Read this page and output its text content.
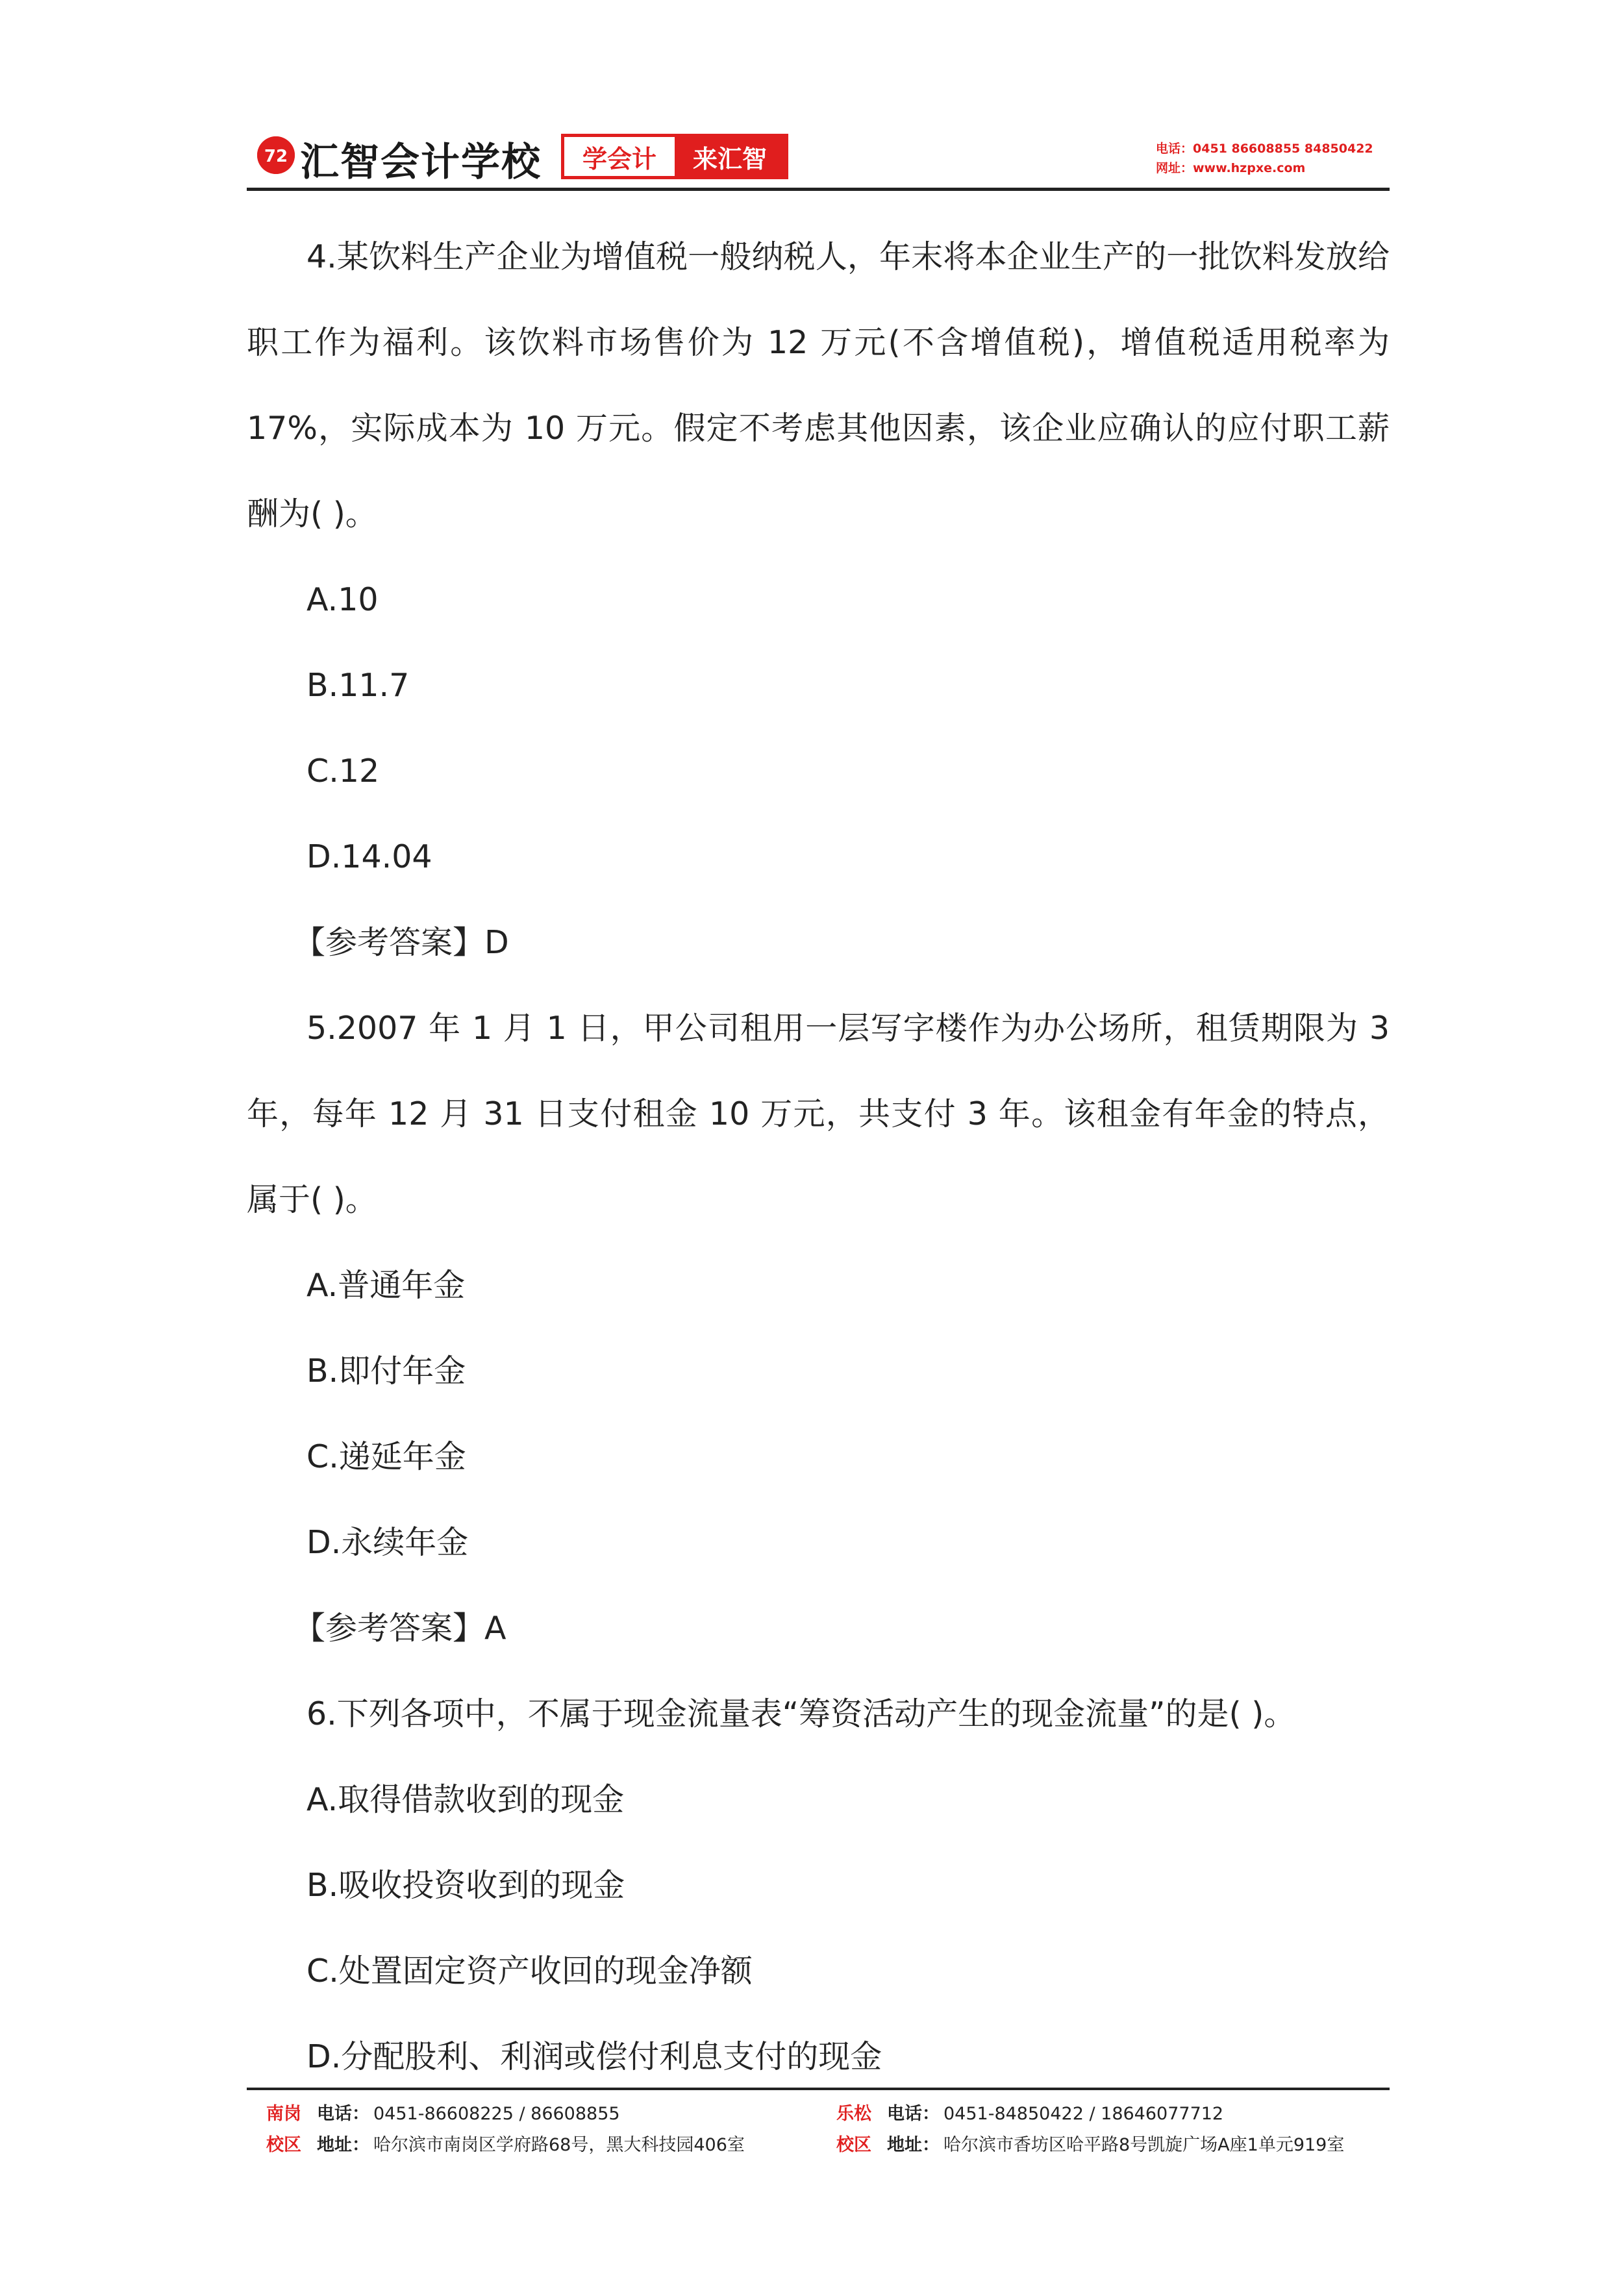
72 汇智会计学校	学会计	来汇智	电话：0451 86608855 84850422
网址：www.hzpxe.com

4.某饮料生产企业为增值税一般纳税人，年末将本企业生产的一批饮料发放给职工作为福利。该饮料市场售价为 12 万元(不含增值税)，增值税适用税率为 17%，实际成本为 10 万元。假定不考虑其他因素，该企业应确认的应付职工薪酬为( )。

A.10

B.11.7

C.12

D.14.04

【参考答案】D

5.2007 年 1 月 1 日，甲公司租用一层写字楼作为办公场所，租赁期限为 3 年，每年 12 月 31 日支付租金 10 万元，共支付 3 年。该租金有年金的特点，属于( )。

A.普通年金

B.即付年金

C.递延年金

D.永续年金

【参考答案】A

6.下列各项中，不属于现金流量表“筹资活动产生的现金流量”的是( )。

A.取得借款收到的现金

B.吸收投资收到的现金

C.处置固定资产收回的现金净额

D.分配股利、利润或偿付利息支付的现金

南岗 电话： 0451-86608225 / 86608855
校区 地址： 哈尔滨市南岗区学府路68号，黑大科技园406室
乐松 电话： 0451-84850422 / 18646077712
校区 地址： 哈尔滨市香坊区哈平路8号凯旋广场A座1单元919室
